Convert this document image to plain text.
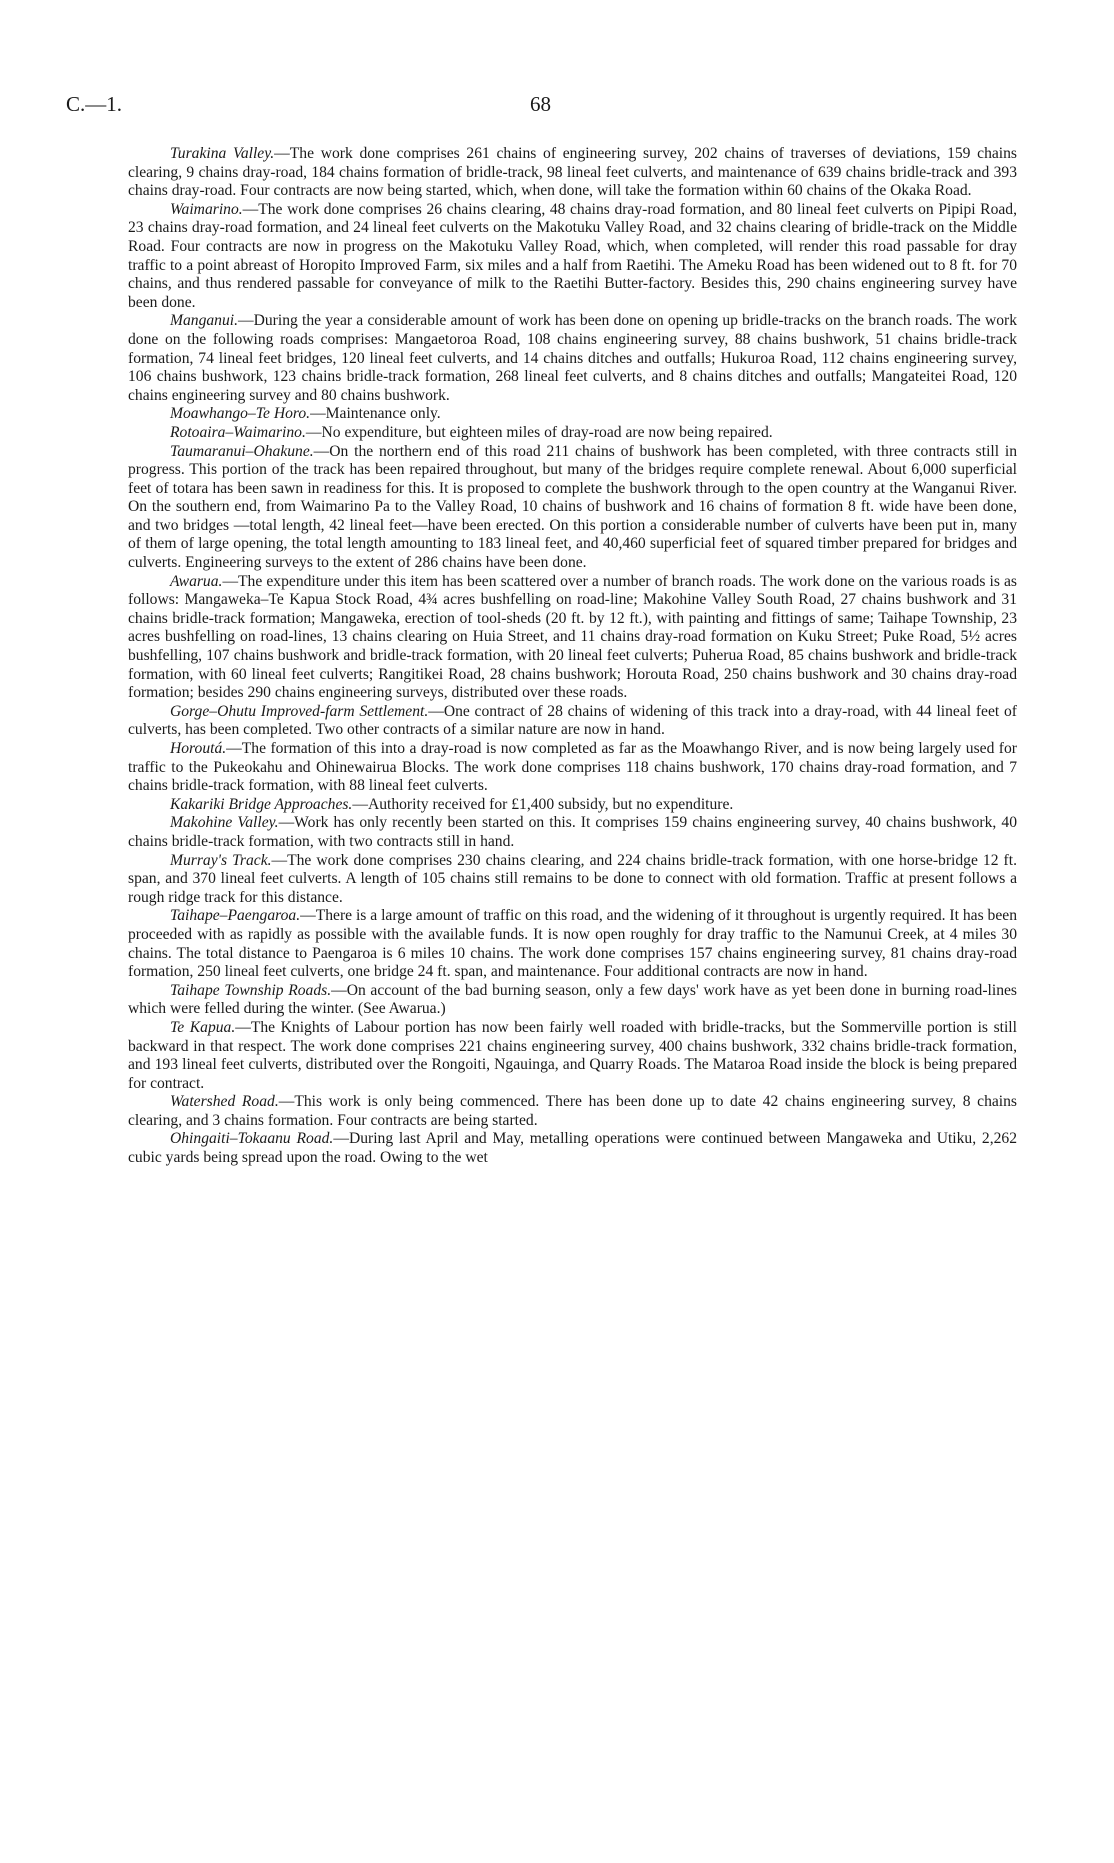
C.—1.	68

Turakina Valley.—The work done comprises 261 chains of engineering survey, 202 chains of traverses of deviations, 159 chains clearing, 9 chains dray-road, 184 chains formation of bridle-track, 98 lineal feet culverts, and maintenance of 639 chains bridle-track and 393 chains dray-road. Four contracts are now being started, which, when done, will take the formation within 60 chains of the Okaka Road.

Waimarino.—The work done comprises 26 chains clearing, 48 chains dray-road formation, and 80 lineal feet culverts on Pipipi Road, 23 chains dray-road formation, and 24 lineal feet culverts on the Makotuku Valley Road, and 32 chains clearing of bridle-track on the Middle Road. Four contracts are now in progress on the Makotuku Valley Road, which, when completed, will render this road passable for dray traffic to a point abreast of Horopito Improved Farm, six miles and a half from Raetihi. The Ameku Road has been widened out to 8 ft. for 70 chains, and thus rendered passable for conveyance of milk to the Raetihi Butter-factory. Besides this, 290 chains engineering survey have been done.

Manganui.—During the year a considerable amount of work has been done on opening up bridle-tracks on the branch roads. The work done on the following roads comprises: Mangaetoroa Road, 108 chains engineering survey, 88 chains bushwork, 51 chains bridle-track formation, 74 lineal feet bridges, 120 lineal feet culverts, and 14 chains ditches and outfalls; Hukuroa Road, 112 chains engineering survey, 106 chains bushwork, 123 chains bridle-track formation, 268 lineal feet culverts, and 8 chains ditches and outfalls; Mangateitei Road, 120 chains engineering survey and 80 chains bushwork.

Moawhango–Te Horo.—Maintenance only.

Rotoaira–Waimarino.—No expenditure, but eighteen miles of dray-road are now being repaired.

Taumaranui–Ohakune.—On the northern end of this road 211 chains of bushwork has been completed, with three contracts still in progress. This portion of the track has been repaired throughout, but many of the bridges require complete renewal. About 6,000 superficial feet of totara has been sawn in readiness for this. It is proposed to complete the bushwork through to the open country at the Wanganui River. On the southern end, from Waimarino Pa to the Valley Road, 10 chains of bushwork and 16 chains of formation 8 ft. wide have been done, and two bridges —total length, 42 lineal feet—have been erected. On this portion a considerable number of culverts have been put in, many of them of large opening, the total length amounting to 183 lineal feet, and 40,460 superficial feet of squared timber prepared for bridges and culverts. Engineering surveys to the extent of 286 chains have been done.

Awarua.—The expenditure under this item has been scattered over a number of branch roads. The work done on the various roads is as follows: Mangaweka–Te Kapua Stock Road, 4¾ acres bushfelling on road-line; Makohine Valley South Road, 27 chains bushwork and 31 chains bridle-track formation; Mangaweka, erection of tool-sheds (20 ft. by 12 ft.), with painting and fittings of same; Taihape Township, 23 acres bushfelling on road-lines, 13 chains clearing on Huia Street, and 11 chains dray-road formation on Kuku Street; Puke Road, 5½ acres bushfelling, 107 chains bushwork and bridle-track formation, with 20 lineal feet culverts; Puherua Road, 85 chains bushwork and bridle-track formation, with 60 lineal feet culverts; Rangitikei Road, 28 chains bushwork; Horouta Road, 250 chains bushwork and 30 chains dray-road formation; besides 290 chains engineering surveys, distributed over these roads.

Gorge–Ohutu Improved-farm Settlement.—One contract of 28 chains of widening of this track into a dray-road, with 44 lineal feet of culverts, has been completed. Two other contracts of a similar nature are now in hand.

Horoutá.—The formation of this into a dray-road is now completed as far as the Moawhango River, and is now being largely used for traffic to the Pukeokahu and Ohinewairua Blocks. The work done comprises 118 chains bushwork, 170 chains dray-road formation, and 7 chains bridle-track formation, with 88 lineal feet culverts.

Kakariki Bridge Approaches.—Authority received for £1,400 subsidy, but no expenditure.

Makohine Valley.—Work has only recently been started on this. It comprises 159 chains engineering survey, 40 chains bushwork, 40 chains bridle-track formation, with two contracts still in hand.

Murray's Track.—The work done comprises 230 chains clearing, and 224 chains bridle-track formation, with one horse-bridge 12 ft. span, and 370 lineal feet culverts. A length of 105 chains still remains to be done to connect with old formation. Traffic at present follows a rough ridge track for this distance.

Taihape–Paengaroa.—There is a large amount of traffic on this road, and the widening of it throughout is urgently required. It has been proceeded with as rapidly as possible with the available funds. It is now open roughly for dray traffic to the Namunui Creek, at 4 miles 30 chains. The total distance to Paengaroa is 6 miles 10 chains. The work done comprises 157 chains engineering survey, 81 chains dray-road formation, 250 lineal feet culverts, one bridge 24 ft. span, and maintenance. Four additional contracts are now in hand.

Taihape Township Roads.—On account of the bad burning season, only a few days' work have as yet been done in burning road-lines which were felled during the winter. (See Awarua.)

Te Kapua.—The Knights of Labour portion has now been fairly well roaded with bridle-tracks, but the Sommerville portion is still backward in that respect. The work done comprises 221 chains engineering survey, 400 chains bushwork, 332 chains bridle-track formation, and 193 lineal feet culverts, distributed over the Rongoiti, Ngauinga, and Quarry Roads. The Mataroa Road inside the block is being prepared for contract.

Watershed Road.—This work is only being commenced. There has been done up to date 42 chains engineering survey, 8 chains clearing, and 3 chains formation. Four contracts are being started.

Ohingaiti–Tokaanu Road.—During last April and May, metalling operations were continued between Mangaweka and Utiku, 2,262 cubic yards being spread upon the road. Owing to the wet
